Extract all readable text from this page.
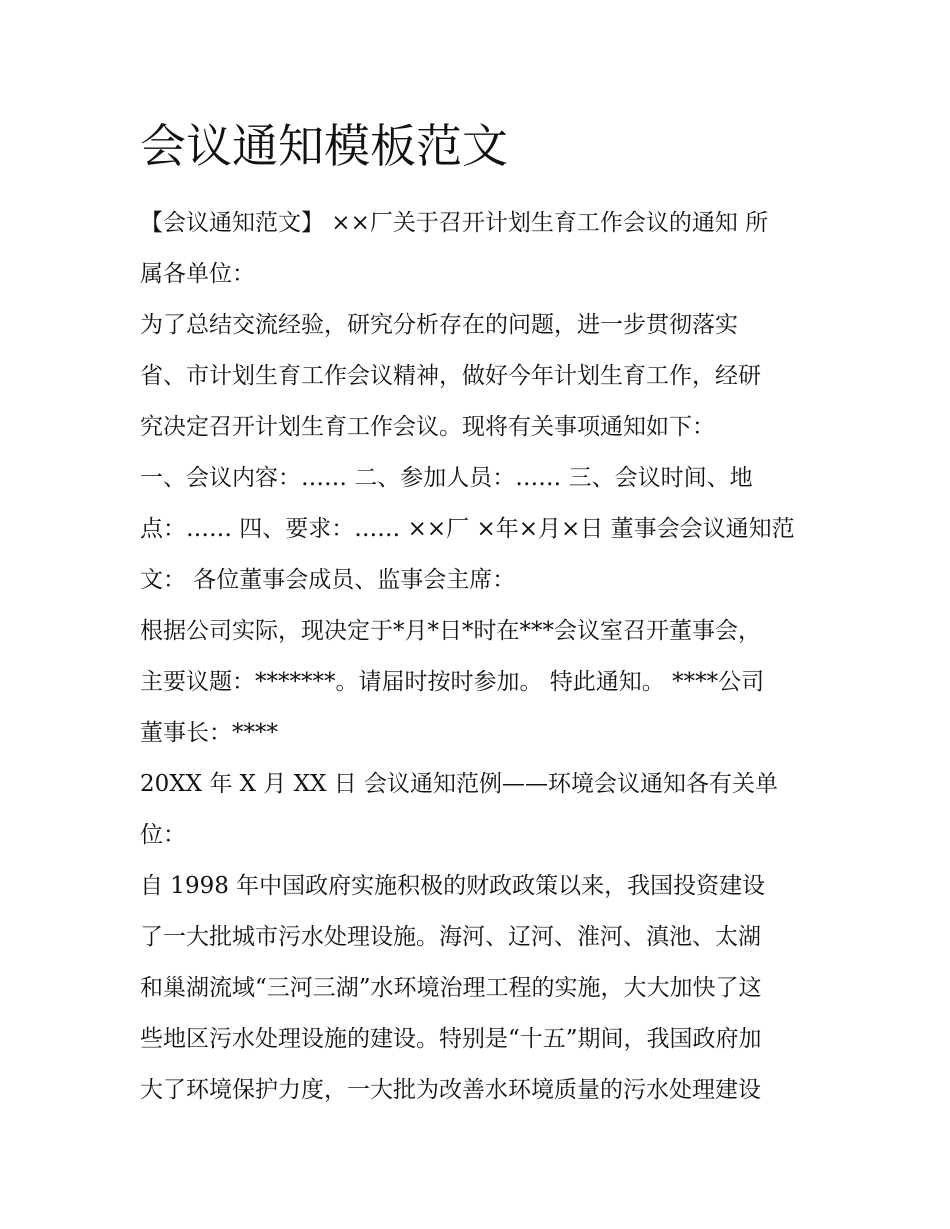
会议通知模板范文

【会议通知范文】 ××厂关于召开计划生育工作会议的通知 所

属各单位：

为了总结交流经验，研究分析存在的问题，进一步贯彻落实

省、市计划生育工作会议精神，做好今年计划生育工作，经研

究决定召开计划生育工作会议。现将有关事项通知如下：

一、会议内容：…… 二、参加人员：…… 三、会议时间、地

点：…… 四、要求：…… ××厂 ×年×月×日 董事会会议通知范

文： 各位董事会成员、监事会主席：

根据公司实际，现决定于*月*日*时在***会议室召开董事会，

主要议题：*******。请届时按时参加。 特此通知。 ****公司

董事长：****

20XX 年 X 月 XX 日 会议通知范例——环境会议通知各有关单

位：

自 1998 年中国政府实施积极的财政政策以来，我国投资建设

了一大批城市污水处理设施。海河、辽河、淮河、滇池、太湖

和巢湖流域“三河三湖”水环境治理工程的实施，大大加快了这

些地区污水处理设施的建设。特别是“十五”期间，我国政府加

大了环境保护力度，一大批为改善水环境质量的污水处理建设
